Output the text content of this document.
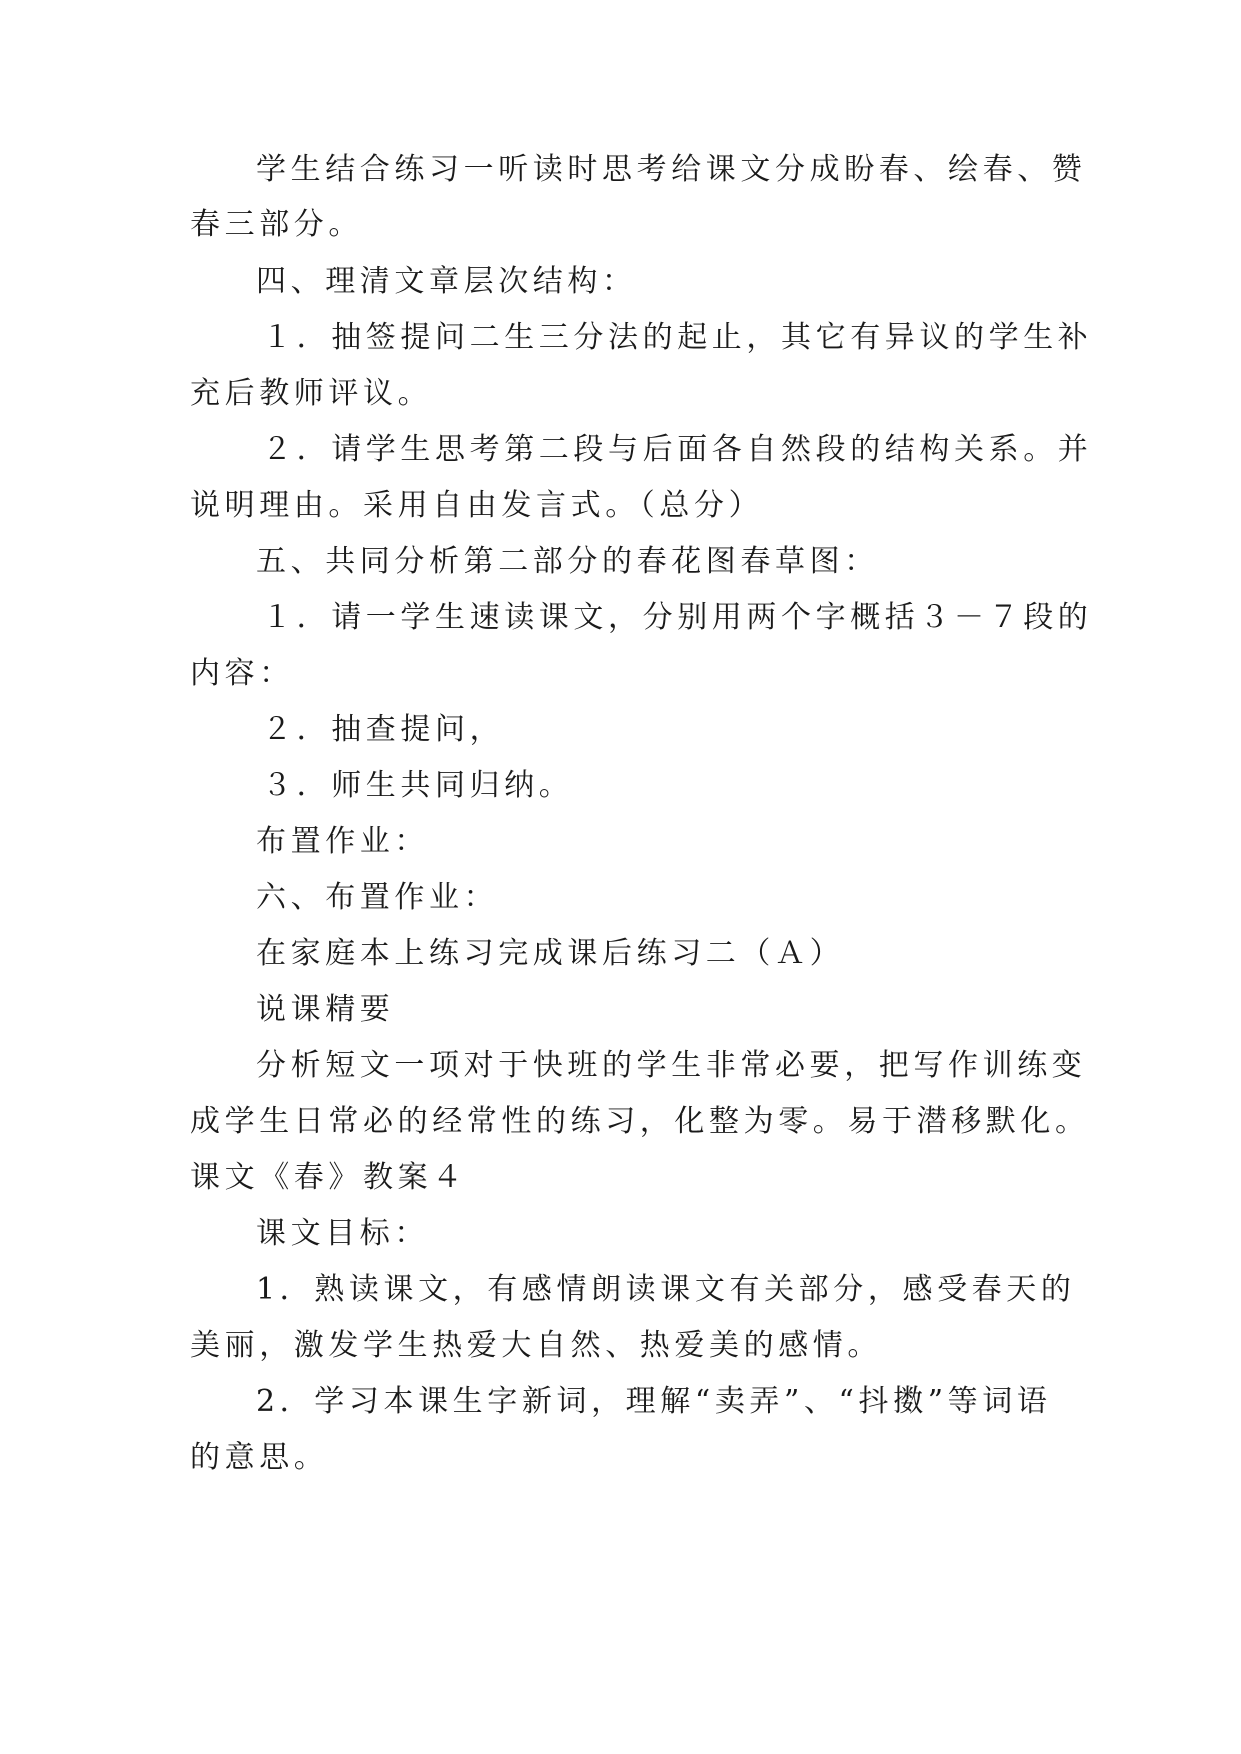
学生结合练习一听读时思考给课文分成盼春、绘春、赞
春三部分。
四、理清文章层次结构：
１．抽签提问二生三分法的起止，其它有异议的学生补
充后教师评议。
２．请学生思考第二段与后面各自然段的结构关系。并
说明理由。采用自由发言式。（总分）
五、共同分析第二部分的春花图春草图：
１．请一学生速读课文，分别用两个字概括３－７段的
内容：
２．抽查提问，
３．师生共同归纳。
布置作业：
六、布置作业：
在家庭本上练习完成课后练习二（Ａ）
说课精要
分析短文一项对于快班的学生非常必要，把写作训练变
成学生日常必的经常性的练习，化整为零。易于潜移默化。
课文《春》教案４
课文目标：
1．熟读课文，有感情朗读课文有关部分，感受春天的
美丽，激发学生热爱大自然、热爱美的感情。
2．学习本课生字新词，理解“卖弄”、“抖擞”等词语
的意思。
